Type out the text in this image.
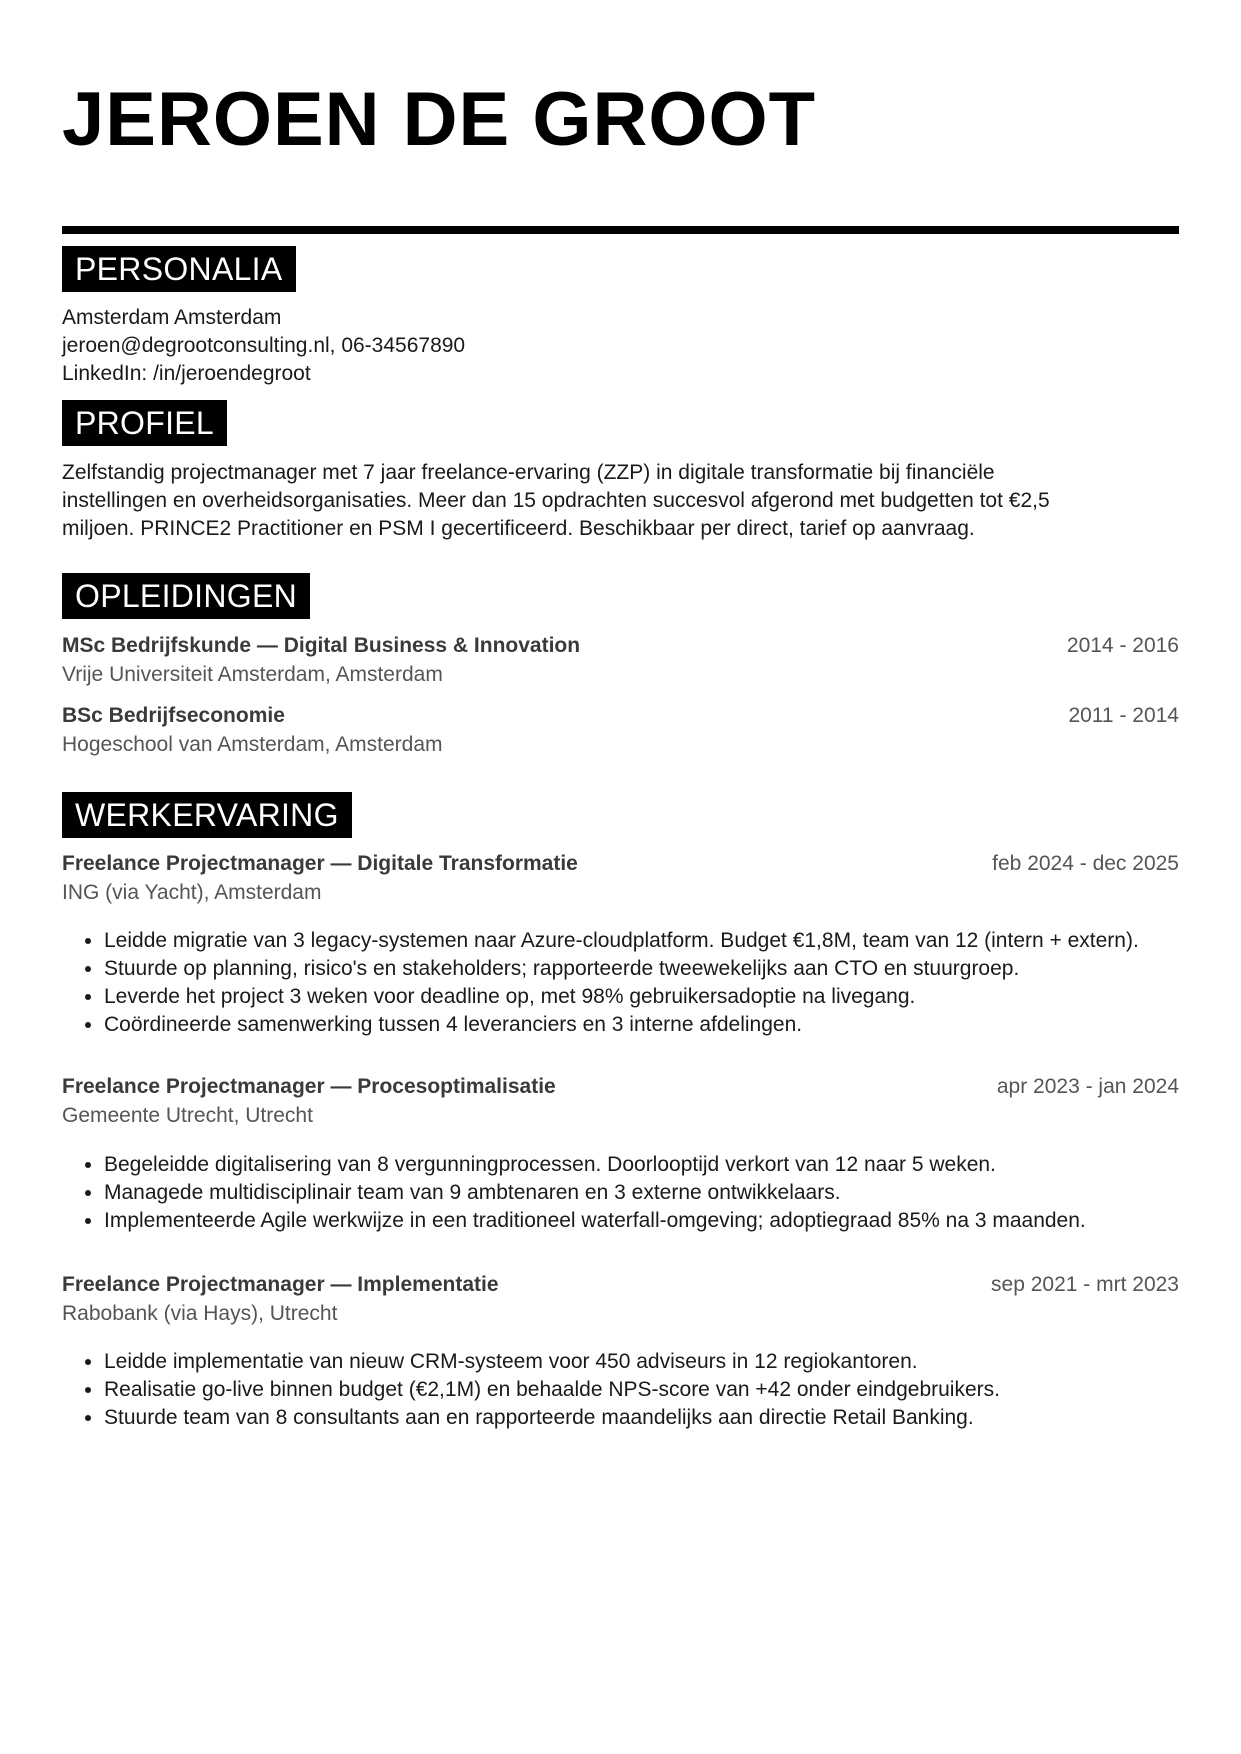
JEROEN DE GROOT
PERSONALIA
Amsterdam Amsterdam
jeroen@degrootconsulting.nl, 06-34567890
LinkedIn: /in/jeroendegroot
PROFIEL
Zelfstandig projectmanager met 7 jaar freelance-ervaring (ZZP) in digitale transformatie bij financiële
instellingen en overheidsorganisaties. Meer dan 15 opdrachten succesvol afgerond met budgetten tot €2,5
miljoen. PRINCE2 Practitioner en PSM I gecertificeerd. Beschikbaar per direct, tarief op aanvraag.
OPLEIDINGEN
MSc Bedrijfskunde — Digital Business & Innovation	2014 - 2016
Vrije Universiteit Amsterdam, Amsterdam
BSc Bedrijfseconomie	2011 - 2014
Hogeschool van Amsterdam, Amsterdam
WERKERVARING
Freelance Projectmanager — Digitale Transformatie	feb 2024 - dec 2025
ING (via Yacht), Amsterdam
• Leidde migratie van 3 legacy-systemen naar Azure-cloudplatform. Budget €1,8M, team van 12 (intern + extern).
• Stuurde op planning, risico's en stakeholders; rapporteerde tweewekelijks aan CTO en stuurgroep.
• Leverde het project 3 weken voor deadline op, met 98% gebruikersadoptie na livegang.
• Coördineerde samenwerking tussen 4 leveranciers en 3 interne afdelingen.
Freelance Projectmanager — Procesoptimalisatie	apr 2023 - jan 2024
Gemeente Utrecht, Utrecht
• Begeleidde digitalisering van 8 vergunningprocessen. Doorlooptijd verkort van 12 naar 5 weken.
• Managede multidisciplinair team van 9 ambtenaren en 3 externe ontwikkelaars.
• Implementeerde Agile werkwijze in een traditioneel waterfall-omgeving; adoptiegraad 85% na 3 maanden.
Freelance Projectmanager — Implementatie	sep 2021 - mrt 2023
Rabobank (via Hays), Utrecht
• Leidde implementatie van nieuw CRM-systeem voor 450 adviseurs in 12 regiokantoren.
• Realisatie go-live binnen budget (€2,1M) en behaalde NPS-score van +42 onder eindgebruikers.
• Stuurde team van 8 consultants aan en rapporteerde maandelijks aan directie Retail Banking.
